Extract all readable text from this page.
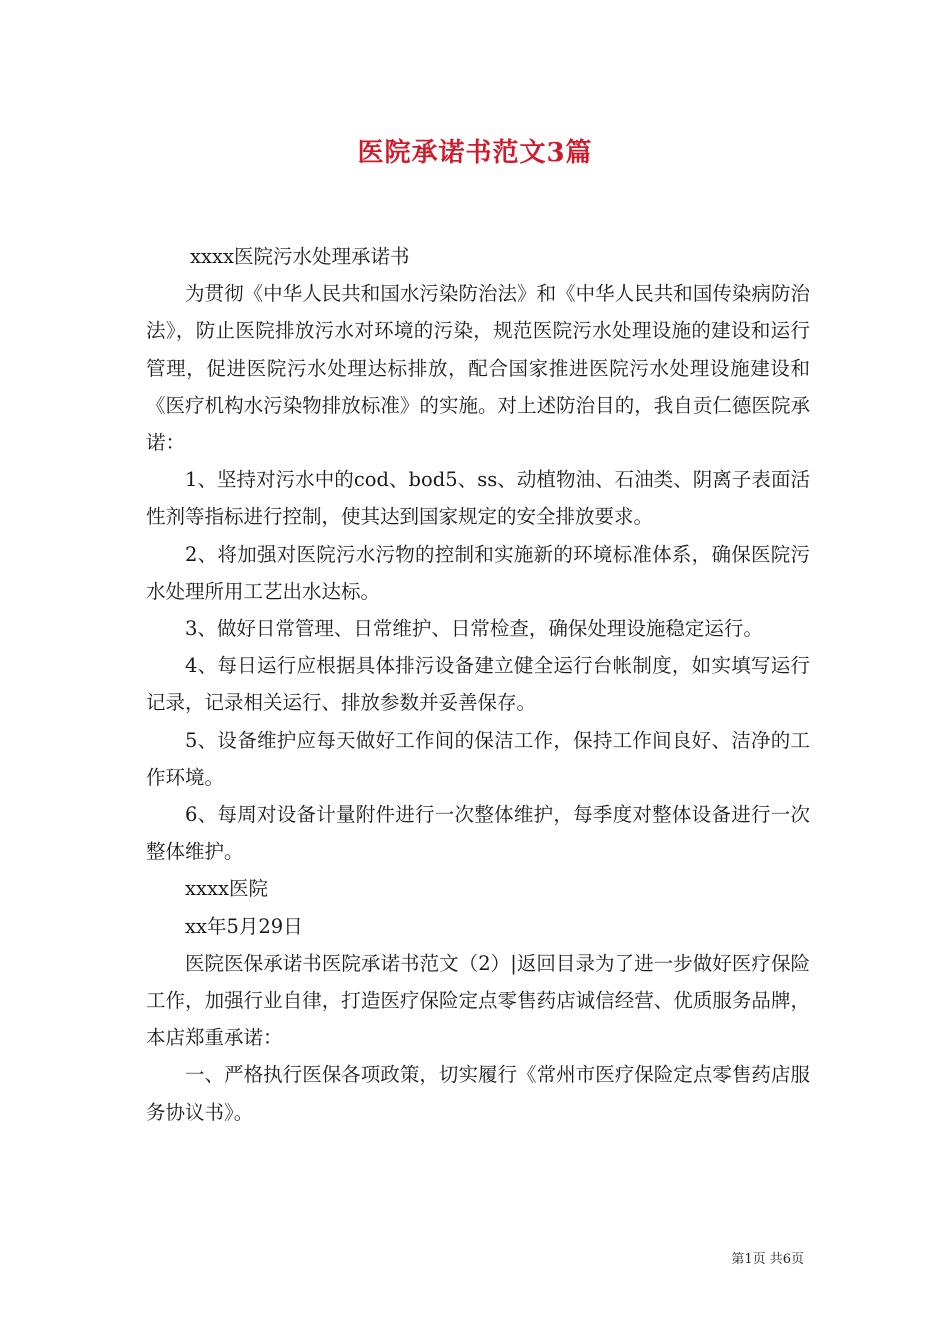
医院承诺书范文3篇

xxxx医院污水处理承诺书

为贯彻《中华人民共和国水污染防治法》和《中华人民共和国传染病防治法》，防止医院排放污水对环境的污染，规范医院污水处理设施的建设和运行管理，促进医院污水处理达标排放，配合国家推进医院污水处理设施建设和《医疗机构水污染物排放标准》的实施。对上述防治目的，我自贡仁德医院承诺：

1、坚持对污水中的cod、bod5、ss、动植物油、石油类、阴离子表面活性剂等指标进行控制，使其达到国家规定的安全排放要求。

2、将加强对医院污水污物的控制和实施新的环境标准体系，确保医院污水处理所用工艺出水达标。

3、做好日常管理、日常维护、日常检查，确保处理设施稳定运行。

4、每日运行应根据具体排污设备建立健全运行台帐制度，如实填写运行记录，记录相关运行、排放参数并妥善保存。

5、设备维护应每天做好工作间的保洁工作，保持工作间良好、洁净的工作环境。

6、每周对设备计量附件进行一次整体维护，每季度对整体设备进行一次整体维护。

xxxx医院

xx年5月29日

医院医保承诺书医院承诺书范文（2）|返回目录为了进一步做好医疗保险工作，加强行业自律，打造医疗保险定点零售药店诚信经营、优质服务品牌，本店郑重承诺：

一、严格执行医保各项政策，切实履行《常州市医疗保险定点零售药店服务协议书》。

第1页 共6页
